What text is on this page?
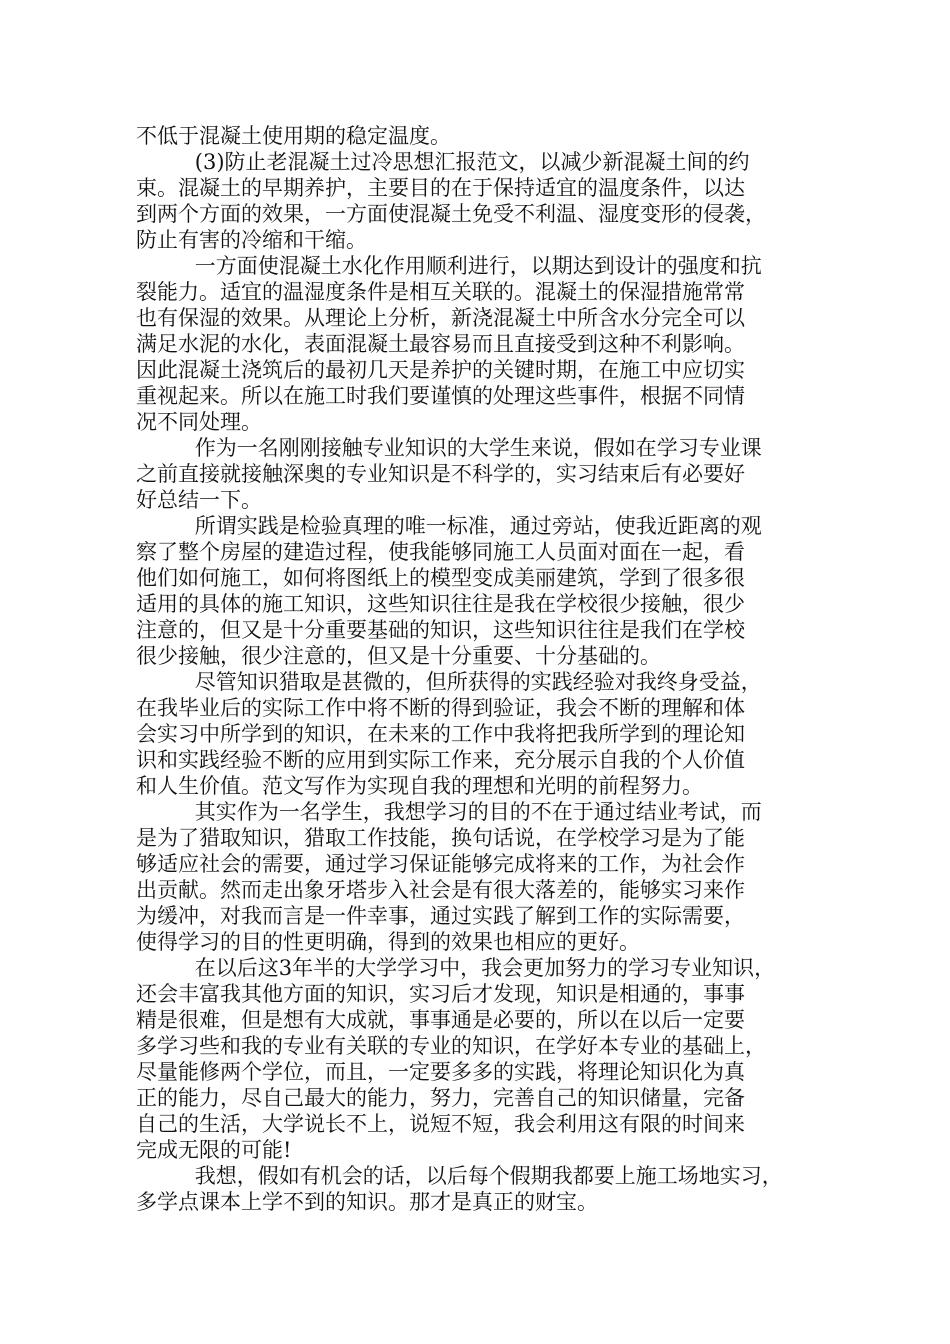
不低于混凝土使用期的稳定温度。

(3)防止老混凝土过冷思想汇报范文，以减少新混凝土间的约
束。混凝土的早期养护，主要目的在于保持适宜的温度条件，以达
到两个方面的效果，一方面使混凝土免受不利温、湿度变形的侵袭，
防止有害的冷缩和干缩。

一方面使混凝土水化作用顺利进行，以期达到设计的强度和抗
裂能力。适宜的温湿度条件是相互关联的。混凝土的保湿措施常常
也有保湿的效果。从理论上分析，新浇混凝土中所含水分完全可以
满足水泥的水化，表面混凝土最容易而且直接受到这种不利影响。
因此混凝土浇筑后的最初几天是养护的关键时期，在施工中应切实
重视起来。所以在施工时我们要谨慎的处理这些事件，根据不同情
况不同处理。

作为一名刚刚接触专业知识的大学生来说，假如在学习专业课
之前直接就接触深奥的专业知识是不科学的，实习结束后有必要好
好总结一下。

所谓实践是检验真理的唯一标准，通过旁站，使我近距离的观
察了整个房屋的建造过程，使我能够同施工人员面对面在一起，看
他们如何施工，如何将图纸上的模型变成美丽建筑，学到了很多很
适用的具体的施工知识，这些知识往往是我在学校很少接触，很少
注意的，但又是十分重要基础的知识，这些知识往往是我们在学校
很少接触，很少注意的，但又是十分重要、十分基础的。

尽管知识猎取是甚微的，但所获得的实践经验对我终身受益，
在我毕业后的实际工作中将不断的得到验证，我会不断的理解和体
会实习中所学到的知识，在未来的工作中我将把我所学到的理论知
识和实践经验不断的应用到实际工作来，充分展示自我的个人价值
和人生价值。范文写作为实现自我的理想和光明的前程努力。

其实作为一名学生，我想学习的目的不在于通过结业考试，而
是为了猎取知识，猎取工作技能，换句话说，在学校学习是为了能
够适应社会的需要，通过学习保证能够完成将来的工作，为社会作
出贡献。然而走出象牙塔步入社会是有很大落差的，能够实习来作
为缓冲，对我而言是一件幸事，通过实践了解到工作的实际需要，
使得学习的目的性更明确，得到的效果也相应的更好。

在以后这3年半的大学学习中，我会更加努力的学习专业知识，
还会丰富我其他方面的知识，实习后才发现，知识是相通的，事事
精是很难，但是想有大成就，事事通是必要的，所以在以后一定要
多学习些和我的专业有关联的专业的知识，在学好本专业的基础上，
尽量能修两个学位，而且，一定要多多的实践，将理论知识化为真
正的能力，尽自己最大的能力，努力，完善自己的知识储量，完备
自己的生活，大学说长不上，说短不短，我会利用这有限的时间来
完成无限的可能!

我想，假如有机会的话，以后每个假期我都要上施工场地实习，
多学点课本上学不到的知识。那才是真正的财宝。
